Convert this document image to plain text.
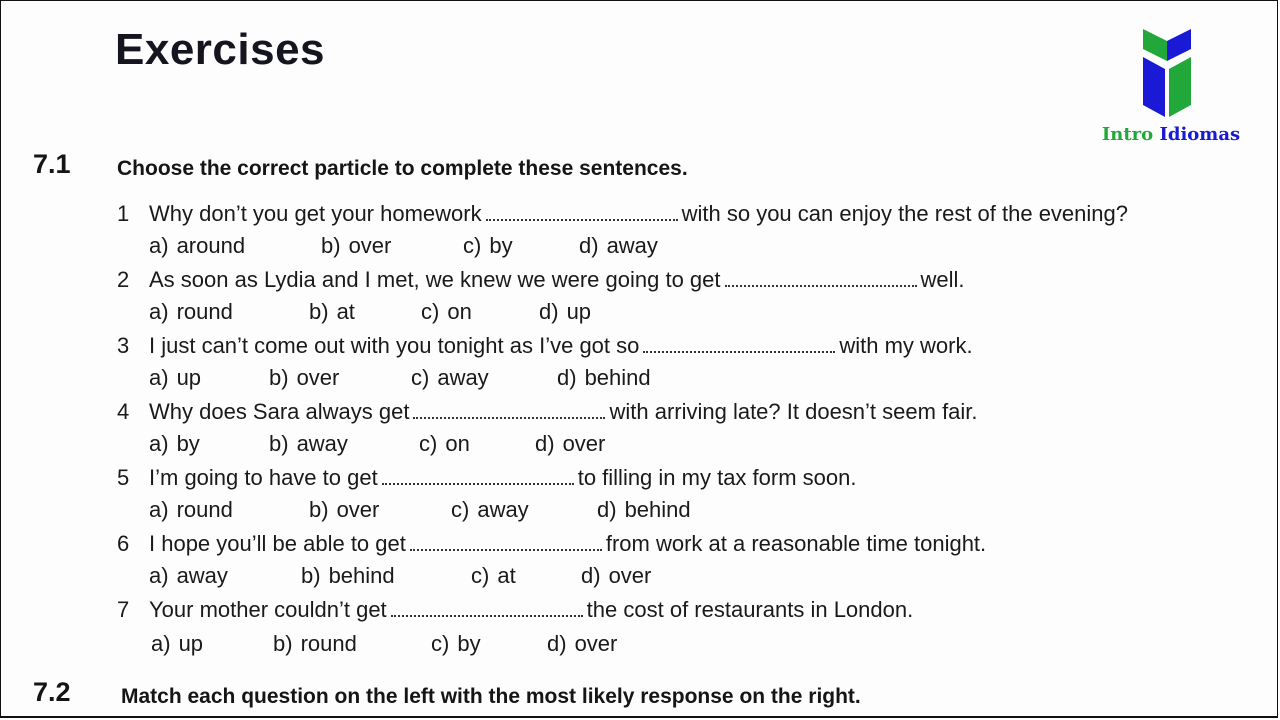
Exercises
Intro Idiomas
7.1 Choose the correct particle to complete these sentences.
1 Why don’t you get your homework	with so you can enjoy the rest of the evening?
a) around	b) over	c) by	d) away
2 As soon as Lydia and I met, we knew we were going to get	well.
a) round	b) at	c) on	d) up
3 I just can’t come out with you tonight as I’ve got so	with my work.
a) up	b) over	c) away	d) behind
4 Why does Sara always get	with arriving late? It doesn’t seem fair.
a) by	b) away	c) on	d) over
5 I’m going to have to get	to filling in my tax form soon.
a) round	b) over	c) away	d) behind
6 I hope you’ll be able to get	from work at a reasonable time tonight.
a) away	b) behind	c) at	d) over
7 Your mother couldn’t get	the cost of restaurants in London.
a) up	b) round	c) by	d) over
7.2 Match each question on the left with the most likely response on the right.
